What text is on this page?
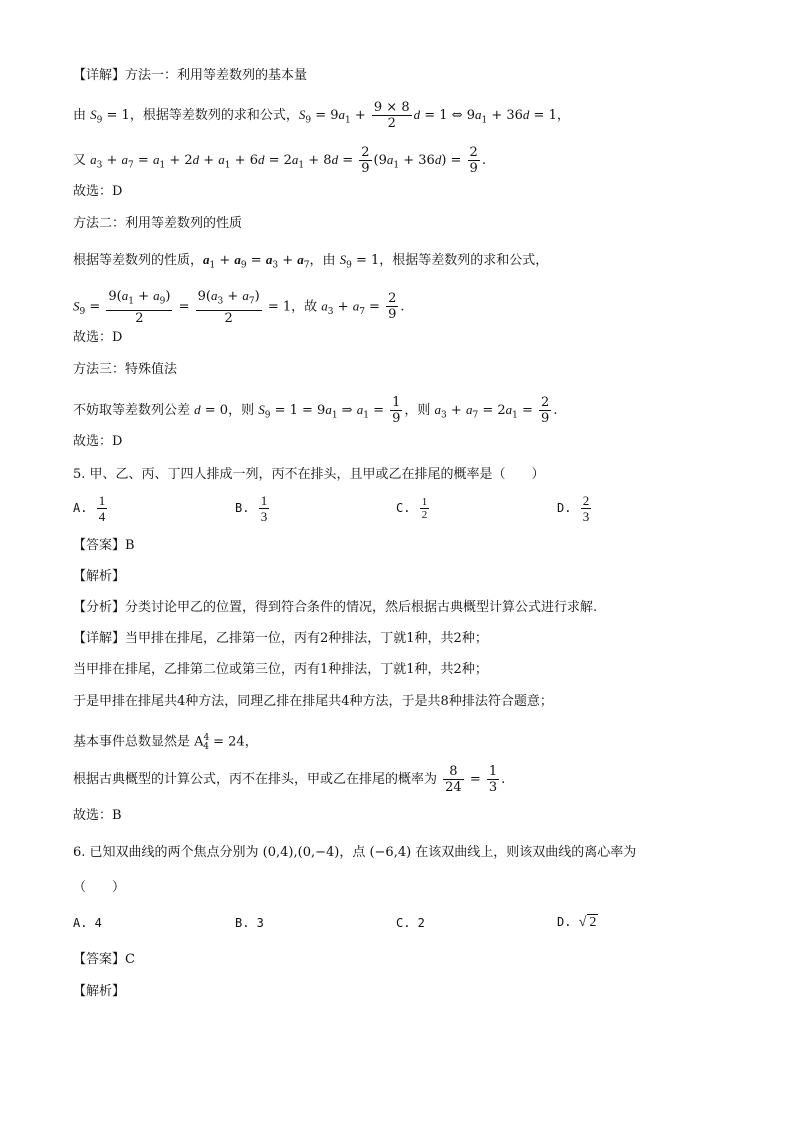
【详解】方法一：利用等差数列的基本量
由 $S_9 = 1$，根据等差数列的求和公式，$S_9 = 9a_1 + \frac{9 \times 8}{2}$ d = 1 ⇔ $9a_1 + 36d = 1$，
又 $a_3 + a_7 = a_1 + 2d + a_1 + 6d = 2a_1 + 8d = \frac{2}{9} (9a_1 + 36d) = \frac{2}{9}$ .
故选：D
方法二：利用等差数列的性质
根据等差数列的性质，$a_1 + a_9 = a_3 + a_7$，由 $S_9 = 1$，根据等差数列的求和公式，
$S_9 = \frac{9(a_1 + a_9)}{2} = \frac{9(a_3 + a_7)}{2} = 1$，故 $a_3 + a_7 = \frac{2}{9}$ .
故选：D
方法三：特殊值法
不妨取等差数列公差 d = 0，则 $S_9 = 1 = 9a_1$ ⇒ $a_1 = \frac{1}{9}$ ，则 $a_3 + a_7 = 2a_1 = \frac{2}{9}$ .
故选：D
5. 甲、乙、丙、丁四人排成一列，丙不在排头，且甲或乙在排尾的概率是（　　）
A. $\frac{1}{4}$	B. $\frac{1}{3}$	C. $\frac{1}{2}$	D. $\frac{2}{3}$
【答案】B
【解析】
【分析】分类讨论甲乙的位置，得到符合条件的情况，然后根据古典概型计算公式进行求解.
【详解】当甲排在排尾，乙排第一位，丙有2种排法，丁就1种，共2种；
当甲排在排尾，乙排第二位或第三位，丙有1种排法，丁就1种，共2种；
于是甲排在排尾共4种方法，同理乙排在排尾共4种方法，于是共8种排法符合题意；
基本事件总数显然是 $A^4_4 = 24$，
根据古典概型的计算公式，丙不在排头，甲或乙在排尾的概率为 $\frac{8}{24} = \frac{1}{3}$ .
故选：B
6. 已知双曲线的两个焦点分别为 (0,4),(0,−4)，点 (−6,4) 在该双曲线上，则该双曲线的离心率为
（　　）
A. 4	B. 3	C. 2	D. √ 2
【答案】C
【解析】
